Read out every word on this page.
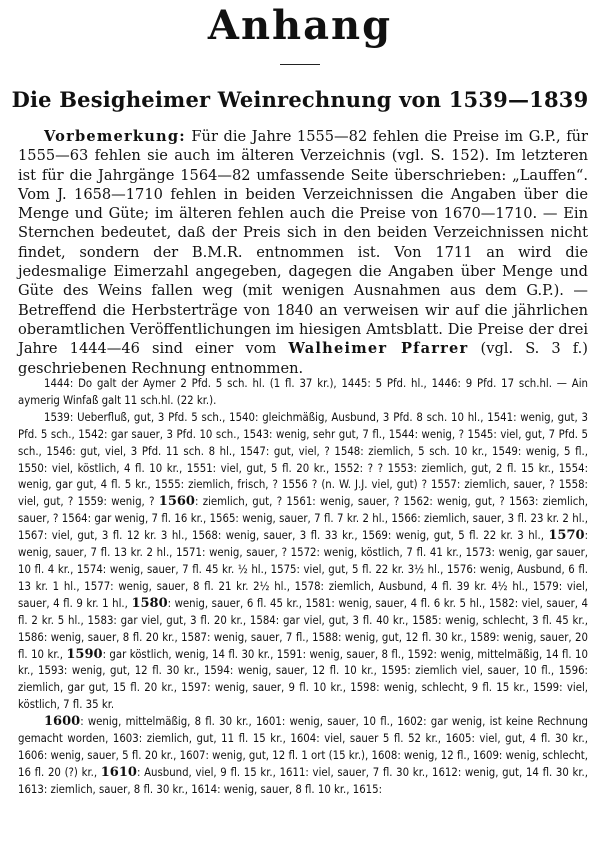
Anhang
Die Besigheimer Weinrechnung von 1539—1839

Vorbemerkung: Für die Jahre 1555—82 fehlen die Preise im G.P., für 1555—63 fehlen sie auch im älteren Verzeichnis (vgl. S. 152). Im letzteren ist für die Jahrgänge 1564—82 umfassende Seite überschrieben: „Lauffen“. Vom J. 1658—1710 fehlen in beiden Verzeichnissen die Angaben über die Menge und Güte; im älteren fehlen auch die Preise von 1670—1710. — Ein Sternchen bedeutet, daß der Preis sich in den beiden Verzeichnissen nicht findet, sondern der B.M.R. entnommen ist. Von 1711 an wird die jedesmalige Eimerzahl angegeben, dagegen die Angaben über Menge und Güte des Weins fallen weg (mit wenigen Ausnahmen aus dem G.P.). — Betreffend die Herbsterträge von 1840 an verweisen wir auf die jährlichen oberamtlichen Veröffentlichungen im hiesigen Amtsblatt. Die Preise der drei Jahre 1444—46 sind einer vom Walheimer Pfarrer (vgl. S. 3 f.) geschriebenen Rechnung entnommen.

1444: Do galt der Aymer 2 Pfd. 5 sch. hl. (1 fl. 37 kr.), 1445: 5 Pfd. hl., 1446: 9 Pfd. 17 sch.hl. — Ain aymerig Winfaß galt 11 sch.hl. (22 kr.).

1539: Ueberfluß, gut, 3 Pfd. 5 sch., 1540: gleichmäßig, Ausbund, 3 Pfd. 8 sch. 10 hl., 1541: wenig, gut, 3 Pfd. 5 sch., 1542: gar sauer, 3 Pfd. 10 sch., 1543: wenig, sehr gut, 7 fl., 1544: wenig, ? 1545: viel, gut, 7 Pfd. 5 sch., 1546: gut, viel, 3 Pfd. 11 sch. 8 hl., 1547: gut, viel, ? 1548: ziemlich, 5 sch. 10 kr., 1549: wenig, 5 fl., 1550: viel, köstlich, 4 fl. 10 kr., 1551: viel, gut, 5 fl. 20 kr., 1552: ? ? 1553: ziemlich, gut, 2 fl. 15 kr., 1554: wenig, gar gut, 4 fl. 5 kr., 1555: ziemlich, frisch, ? 1556 ? (n. W. J.J. viel, gut) ? 1557: ziemlich, sauer, ? 1558: viel, gut, ? 1559: wenig, ? 1560: ziemlich, gut, ? 1561: wenig, sauer, ? 1562: wenig, gut, ? 1563: ziemlich, sauer, ? 1564: gar wenig, 7 fl. 16 kr., 1565: wenig, sauer, 7 fl. 7 kr. 2 hl., 1566: ziemlich, sauer, 3 fl. 23 kr. 2 hl., 1567: viel, gut, 3 fl. 12 kr. 3 hl., 1568: wenig, sauer, 3 fl. 33 kr., 1569: wenig, gut, 5 fl. 22 kr. 3 hl., 1570: wenig, sauer, 7 fl. 13 kr. 2 hl., 1571: wenig, sauer, ? 1572: wenig, köstlich, 7 fl. 41 kr., 1573: wenig, gar sauer, 10 fl. 4 kr., 1574: wenig, sauer, 7 fl. 45 kr. ½ hl., 1575: viel, gut, 5 fl. 22 kr. 3½ hl., 1576: wenig, Ausbund, 6 fl. 13 kr. 1 hl., 1577: wenig, sauer, 8 fl. 21 kr. 2½ hl., 1578: ziemlich, Ausbund, 4 fl. 39 kr. 4½ hl., 1579: viel, sauer, 4 fl. 9 kr. 1 hl., 1580: wenig, sauer, 6 fl. 45 kr., 1581: wenig, sauer, 4 fl. 6 kr. 5 hl., 1582: viel, sauer, 4 fl. 2 kr. 5 hl., 1583: gar viel, gut, 3 fl. 20 kr., 1584: gar viel, gut, 3 fl. 40 kr., 1585: wenig, schlecht, 3 fl. 45 kr., 1586: wenig, sauer, 8 fl. 20 kr., 1587: wenig, sauer, 7 fl., 1588: wenig, gut, 12 fl. 30 kr., 1589: wenig, sauer, 20 fl. 10 kr., 1590: gar köstlich, wenig, 14 fl. 30 kr., 1591: wenig, sauer, 8 fl., 1592: wenig, mittelmäßig, 14 fl. 10 kr., 1593: wenig, gut, 12 fl. 30 kr., 1594: wenig, sauer, 12 fl. 10 kr., 1595: ziemlich viel, sauer, 10 fl., 1596: ziemlich, gar gut, 15 fl. 20 kr., 1597: wenig, sauer, 9 fl. 10 kr., 1598: wenig, schlecht, 9 fl. 15 kr., 1599: viel, köstlich, 7 fl. 35 kr.

1600: wenig, mittelmäßig, 8 fl. 30 kr., 1601: wenig, sauer, 10 fl., 1602: gar wenig, ist keine Rechnung gemacht worden, 1603: ziemlich, gut, 11 fl. 15 kr., 1604: viel, sauer 5 fl. 52 kr., 1605: viel, gut, 4 fl. 30 kr., 1606: wenig, sauer, 5 fl. 20 kr., 1607: wenig, gut, 12 fl. 1 ort (15 kr.), 1608: wenig, 12 fl., 1609: wenig, schlecht, 16 fl. 20 (?) kr., 1610: Ausbund, viel, 9 fl. 15 kr., 1611: viel, sauer, 7 fl. 30 kr., 1612: wenig, gut, 14 fl. 30 kr., 1613: ziemlich, sauer, 8 fl. 30 kr., 1614: wenig, sauer, 8 fl. 10 kr., 1615:
